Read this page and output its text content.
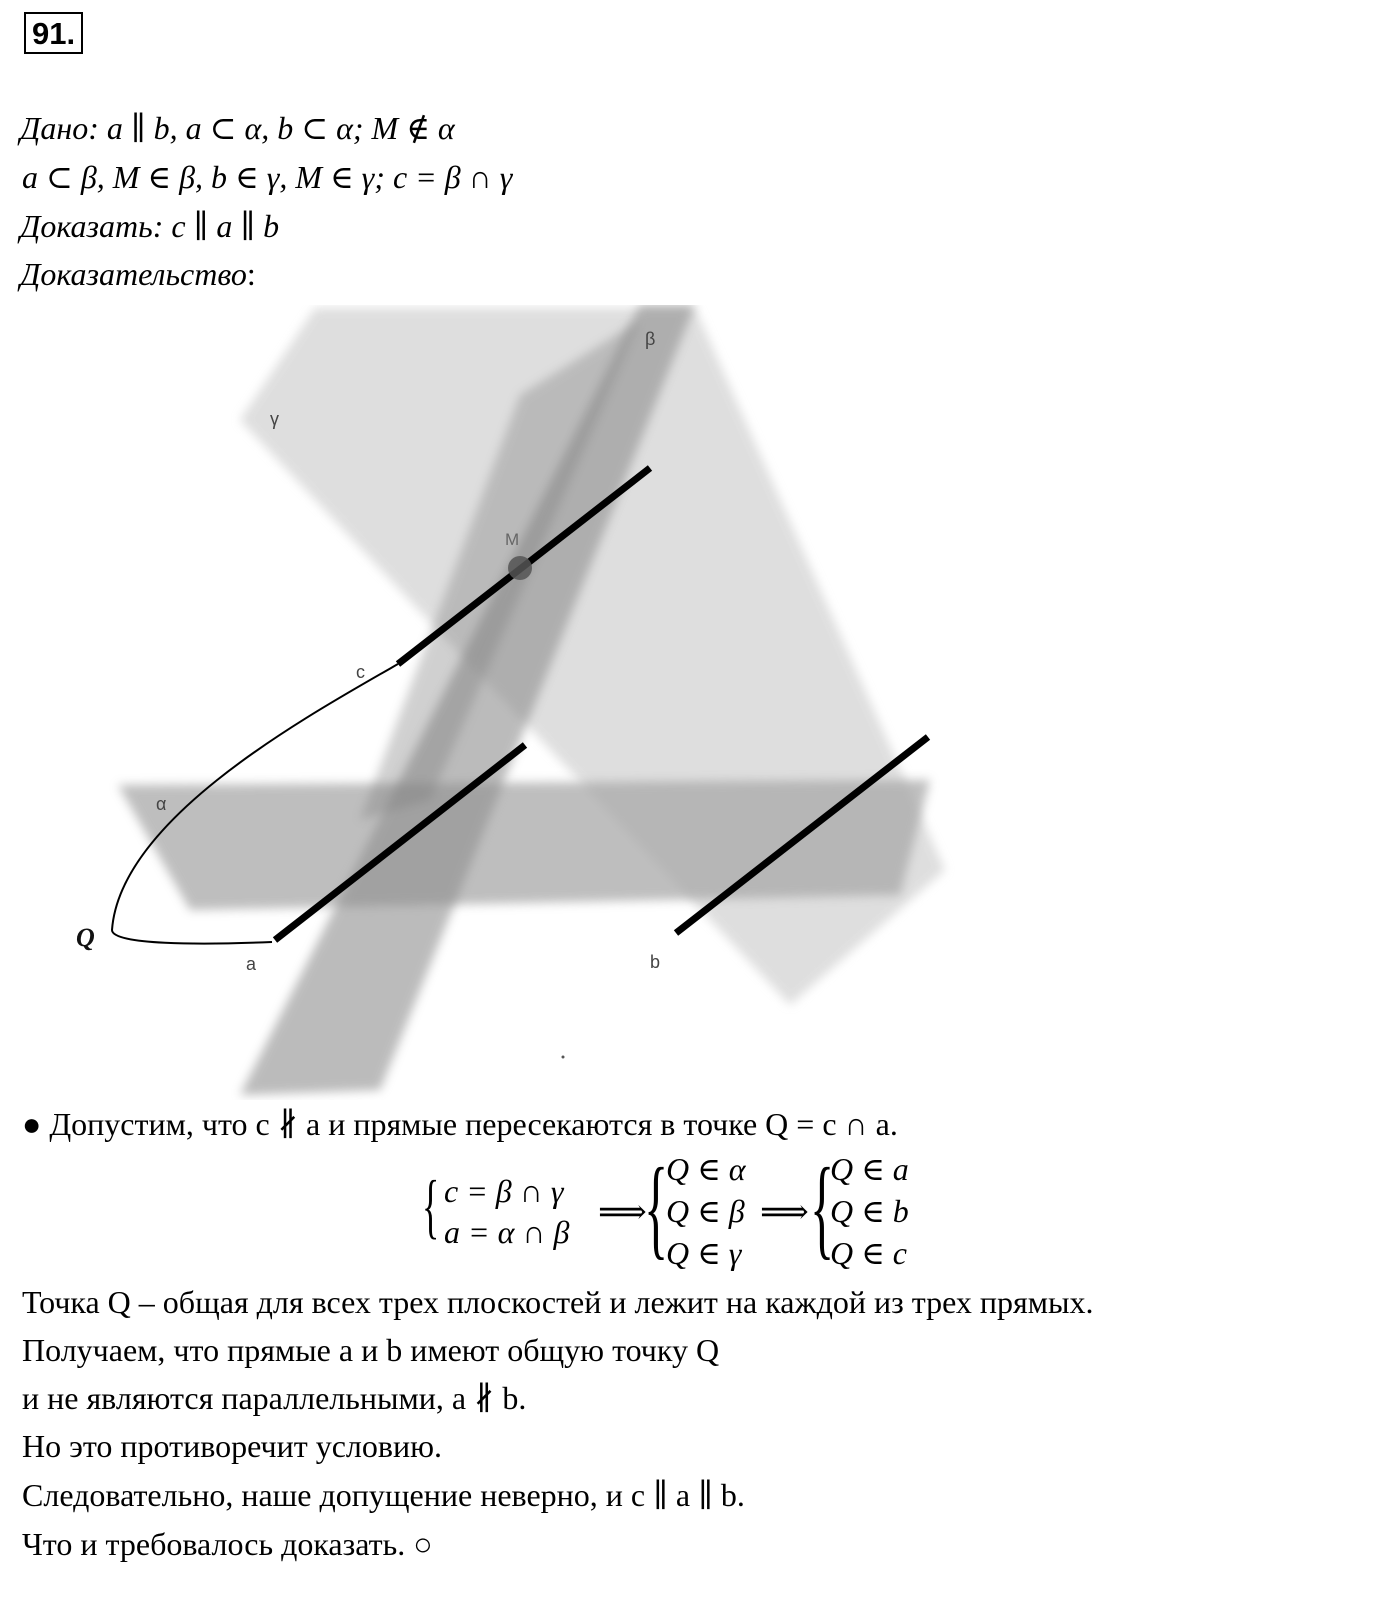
91.
Дано: a ∥ b, a ⊂ α, b ⊂ α; M ∉ α
a ⊂ β, M ∈ β, b ∈ γ, M ∈ γ; c = β ∩ γ
Доказать: c ∥ a ∥ b
Доказательство:
γ
β
α
M
c
a	b
Q
● Допустим, что c ∦ a и прямые пересекаются в точке Q = c ∩ a.
{ c = β ∩ γ
a = α ∩ β
⟹
{
Q ∈ α
Q ∈ β
Q ∈ γ
⟹ {
Q ∈ a
Q ∈ b
Q ∈ c
Точка Q – общая для всех трех плоскостей и лежит на каждой из трех прямых.
Получаем, что прямые a и b имеют общую точку Q
и не являются параллельными, a ∦ b.
Но это противоречит условию.
Следовательно, наше допущение неверно, и c ∥ a ∥ b.
Что и требовалось доказать. ○
